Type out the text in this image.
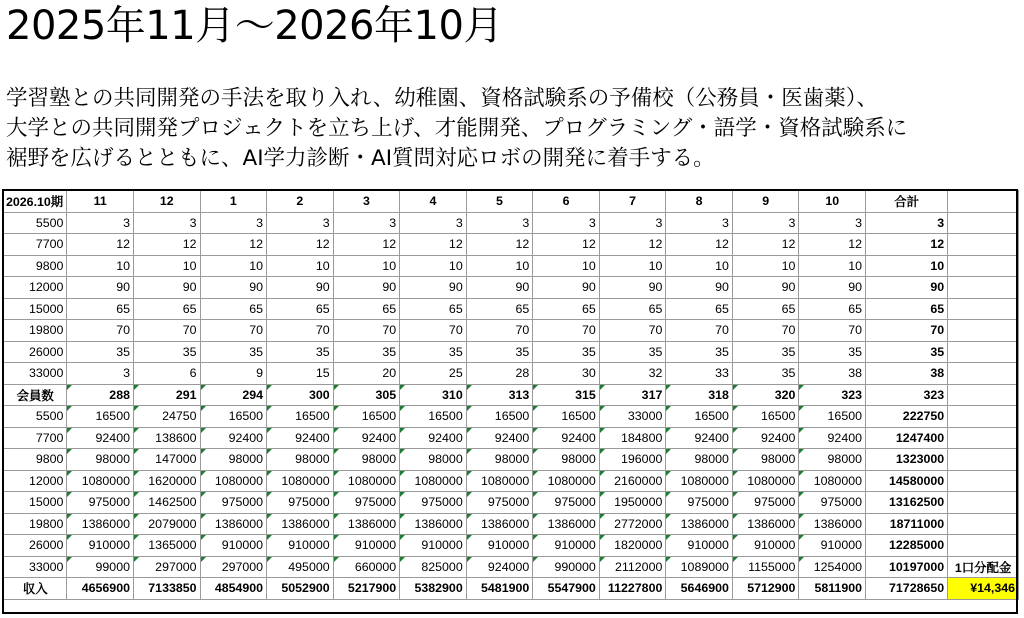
2025年11月～2026年10月
学習塾との共同開発の手法を取り入れ、幼稚園、資格試験系の予備校（公務員・医歯薬）、
大学との共同開発プロジェクトを立ち上げ、才能開発、プログラミング・語学・資格試験系に
裾野を広げるとともに、AI学力診断・AI質問対応ロボの開発に着手する。
2026.10期	11	12	1	2	3	4	5	6	7	8	9	10	合計	
5500	3	3	3	3	3	3	3	3	3	3	3	3	3	
7700	12	12	12	12	12	12	12	12	12	12	12	12	12	
9800	10	10	10	10	10	10	10	10	10	10	10	10	10	
12000	90	90	90	90	90	90	90	90	90	90	90	90	90	
15000	65	65	65	65	65	65	65	65	65	65	65	65	65	
19800	70	70	70	70	70	70	70	70	70	70	70	70	70	
26000	35	35	35	35	35	35	35	35	35	35	35	35	35	
33000	3	6	9	15	20	25	28	30	32	33	35	38	38	
会員数	288	291	294	300	305	310	313	315	317	318	320	323	323	
5500	16500	24750	16500	16500	16500	16500	16500	16500	33000	16500	16500	16500	222750	
7700	92400	138600	92400	92400	92400	92400	92400	92400	184800	92400	92400	92400	1247400	
9800	98000	147000	98000	98000	98000	98000	98000	98000	196000	98000	98000	98000	1323000	
12000	1080000	1620000	1080000	1080000	1080000	1080000	1080000	1080000	2160000	1080000	1080000	1080000	14580000	
15000	975000	1462500	975000	975000	975000	975000	975000	975000	1950000	975000	975000	975000	13162500	
19800	1386000	2079000	1386000	1386000	1386000	1386000	1386000	1386000	2772000	1386000	1386000	1386000	18711000	
26000	910000	1365000	910000	910000	910000	910000	910000	910000	1820000	910000	910000	910000	12285000	
33000	99000	297000	297000	495000	660000	825000	924000	990000	2112000	1089000	1155000	1254000	10197000	1口分配金
収入	4656900	7133850	4854900	5052900	5217900	5382900	5481900	5547900	11227800	5646900	5712900	5811900	71728650	¥14,346
